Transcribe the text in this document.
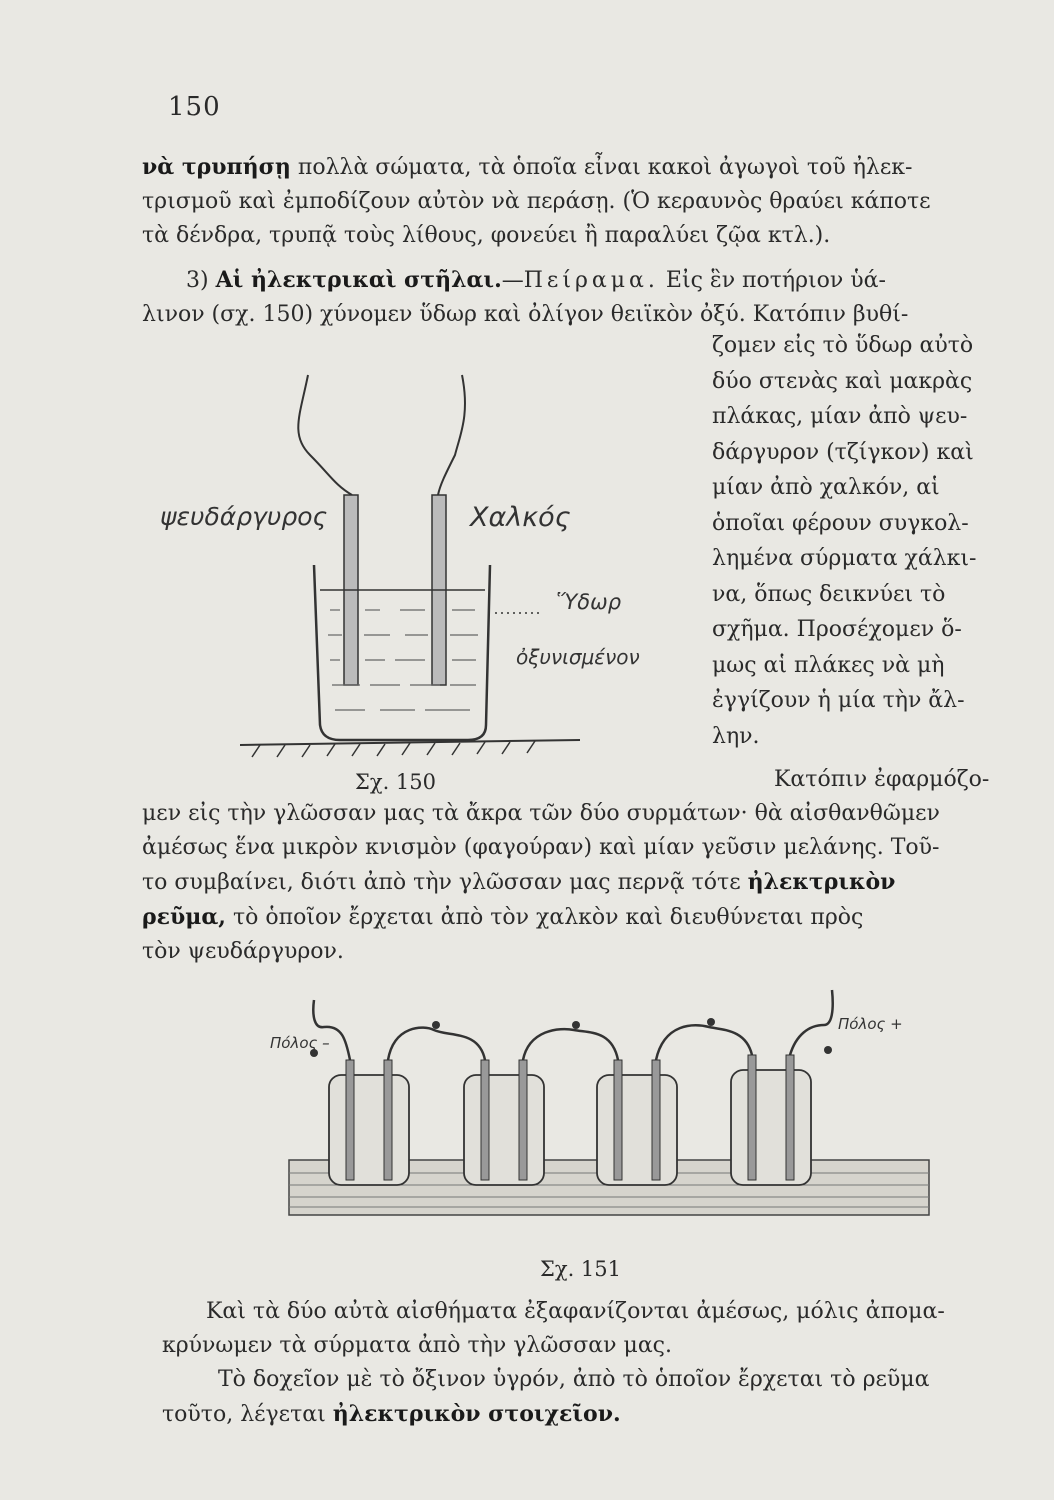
150
νὰ τρυπήσῃ πολλὰ σώματα, τὰ ὁποῖα εἶναι κακοὶ ἀγωγοὶ τοῦ ἠλεκ-
τρισμοῦ καὶ ἐμποδίζουν αὐτὸν νὰ περάσῃ. (Ὁ κεραυνὸς θραύει κάποτε
τὰ δένδρα, τρυπᾷ τοὺς λίθους, φονεύει ἢ παραλύει ζῷα κτλ.).
3) Αἱ ἠλεκτρικαὶ στῆλαι.—Πείραμα. Εἰς ἓν ποτήριον ὑά-
λινον (σχ. 150) χύνομεν ὕδωρ καὶ ὀλίγον θειϊκὸν ὀξύ. Κατόπιν βυθί-
ζομεν εἰς τὸ ὕδωρ αὐτὸ
δύο στενὰς καὶ μακρὰς
πλάκας, μίαν ἀπὸ ψευ-
δάργυρον (τζίγκον) καὶ
μίαν ἀπὸ χαλκόν, αἱ
ὁποῖαι φέρουν συγκολ-
λημένα σύρματα χάλκι-
να, ὅπως δεικνύει τὸ
σχῆμα. Προσέχομεν ὅ-
μως αἱ πλάκες νὰ μὴ
ἐγγίζουν ἡ μία τὴν ἄλ-
λην.
ψευδάργυρος	Χαλκός
Ὕδωρ
ὀξυνισμένον
Σχ. 150	Κατόπιν ἐφαρμόζο-
μεν εἰς τὴν γλῶσσαν μας τὰ ἄκρα τῶν δύο συρμάτων· θὰ αἰσθανθῶμεν
ἀμέσως ἕνα μικρὸν κνισμὸν (φαγούραν) καὶ μίαν γεῦσιν μελάνης. Τοῦ-
το συμβαίνει, διότι ἀπὸ τὴν γλῶσσαν μας περνᾷ τότε ἠλεκτρικὸν
ρεῦμα, τὸ ὁποῖον ἔρχεται ἀπὸ τὸν χαλκὸν καὶ διευθύνεται πρὸς
τὸν ψευδάργυρον.
Πόλος –
Πόλος +
Σχ. 151
Καὶ τὰ δύο αὐτὰ αἰσθήματα ἐξαφανίζονται ἀμέσως, μόλις ἀπομα-
κρύνωμεν τὰ σύρματα ἀπὸ τὴν γλῶσσαν μας.
Τὸ δοχεῖον μὲ τὸ ὄξινον ὑγρόν, ἀπὸ τὸ ὁποῖον ἔρχεται τὸ ρεῦμα
τοῦτο, λέγεται ἠλεκτρικὸν στοιχεῖον.
